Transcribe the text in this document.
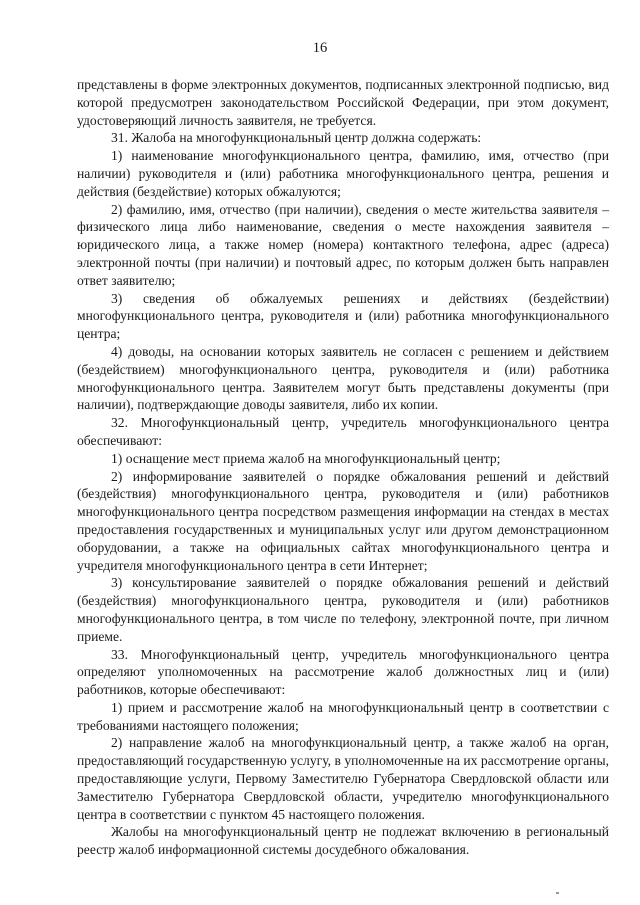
16

представлены в форме электронных документов, подписанных электронной подписью, вид которой предусмотрен законодательством Российской Федерации, при этом документ, удостоверяющий личность заявителя, не требуется.

31. Жалоба на многофункциональный центр должна содержать:

1) наименование многофункционального центра, фамилию, имя, отчество (при наличии) руководителя и (или) работника многофункционального центра, решения и действия (бездействие) которых обжалуются;

2) фамилию, имя, отчество (при наличии), сведения о месте жительства заявителя – физического лица либо наименование, сведения о месте нахождения заявителя – юридического лица, а также номер (номера) контактного телефона, адрес (адреса) электронной почты (при наличии) и почтовый адрес, по которым должен быть направлен ответ заявителю;

3) сведения об обжалуемых решениях и действиях (бездействии) многофункционального центра, руководителя и (или) работника многофункционального центра;

4) доводы, на основании которых заявитель не согласен с решением и действием (бездействием) многофункционального центра, руководителя и (или) работника многофункционального центра. Заявителем могут быть представлены документы (при наличии), подтверждающие доводы заявителя, либо их копии.

32. Многофункциональный центр, учредитель многофункционального центра обеспечивают:

1) оснащение мест приема жалоб на многофункциональный центр;

2) информирование заявителей о порядке обжалования решений и действий (бездействия) многофункционального центра, руководителя и (или) работников многофункционального центра посредством размещения информации на стендах в местах предоставления государственных и муниципальных услуг или другом демонстрационном оборудовании, а также на официальных сайтах многофункционального центра и учредителя многофункционального центра в сети Интернет;

3) консультирование заявителей о порядке обжалования решений и действий (бездействия) многофункционального центра, руководителя и (или) работников многофункционального центра, в том числе по телефону, электронной почте, при личном приеме.

33. Многофункциональный центр, учредитель многофункционального центра определяют уполномоченных на рассмотрение жалоб должностных лиц и (или) работников, которые обеспечивают:

1) прием и рассмотрение жалоб на многофункциональный центр в соответствии с требованиями настоящего положения;

2) направление жалоб на многофункциональный центр, а также жалоб на орган, предоставляющий государственную услугу, в уполномоченные на их рассмотрение органы, предоставляющие услуги, Первому Заместителю Губернатора Свердловской области или Заместителю Губернатора Свердловской области, учредителю многофункционального центра в соответствии с пунктом 45 настоящего положения.

Жалобы на многофункциональный центр не подлежат включению в региональный реестр жалоб информационной системы досудебного обжалования.
